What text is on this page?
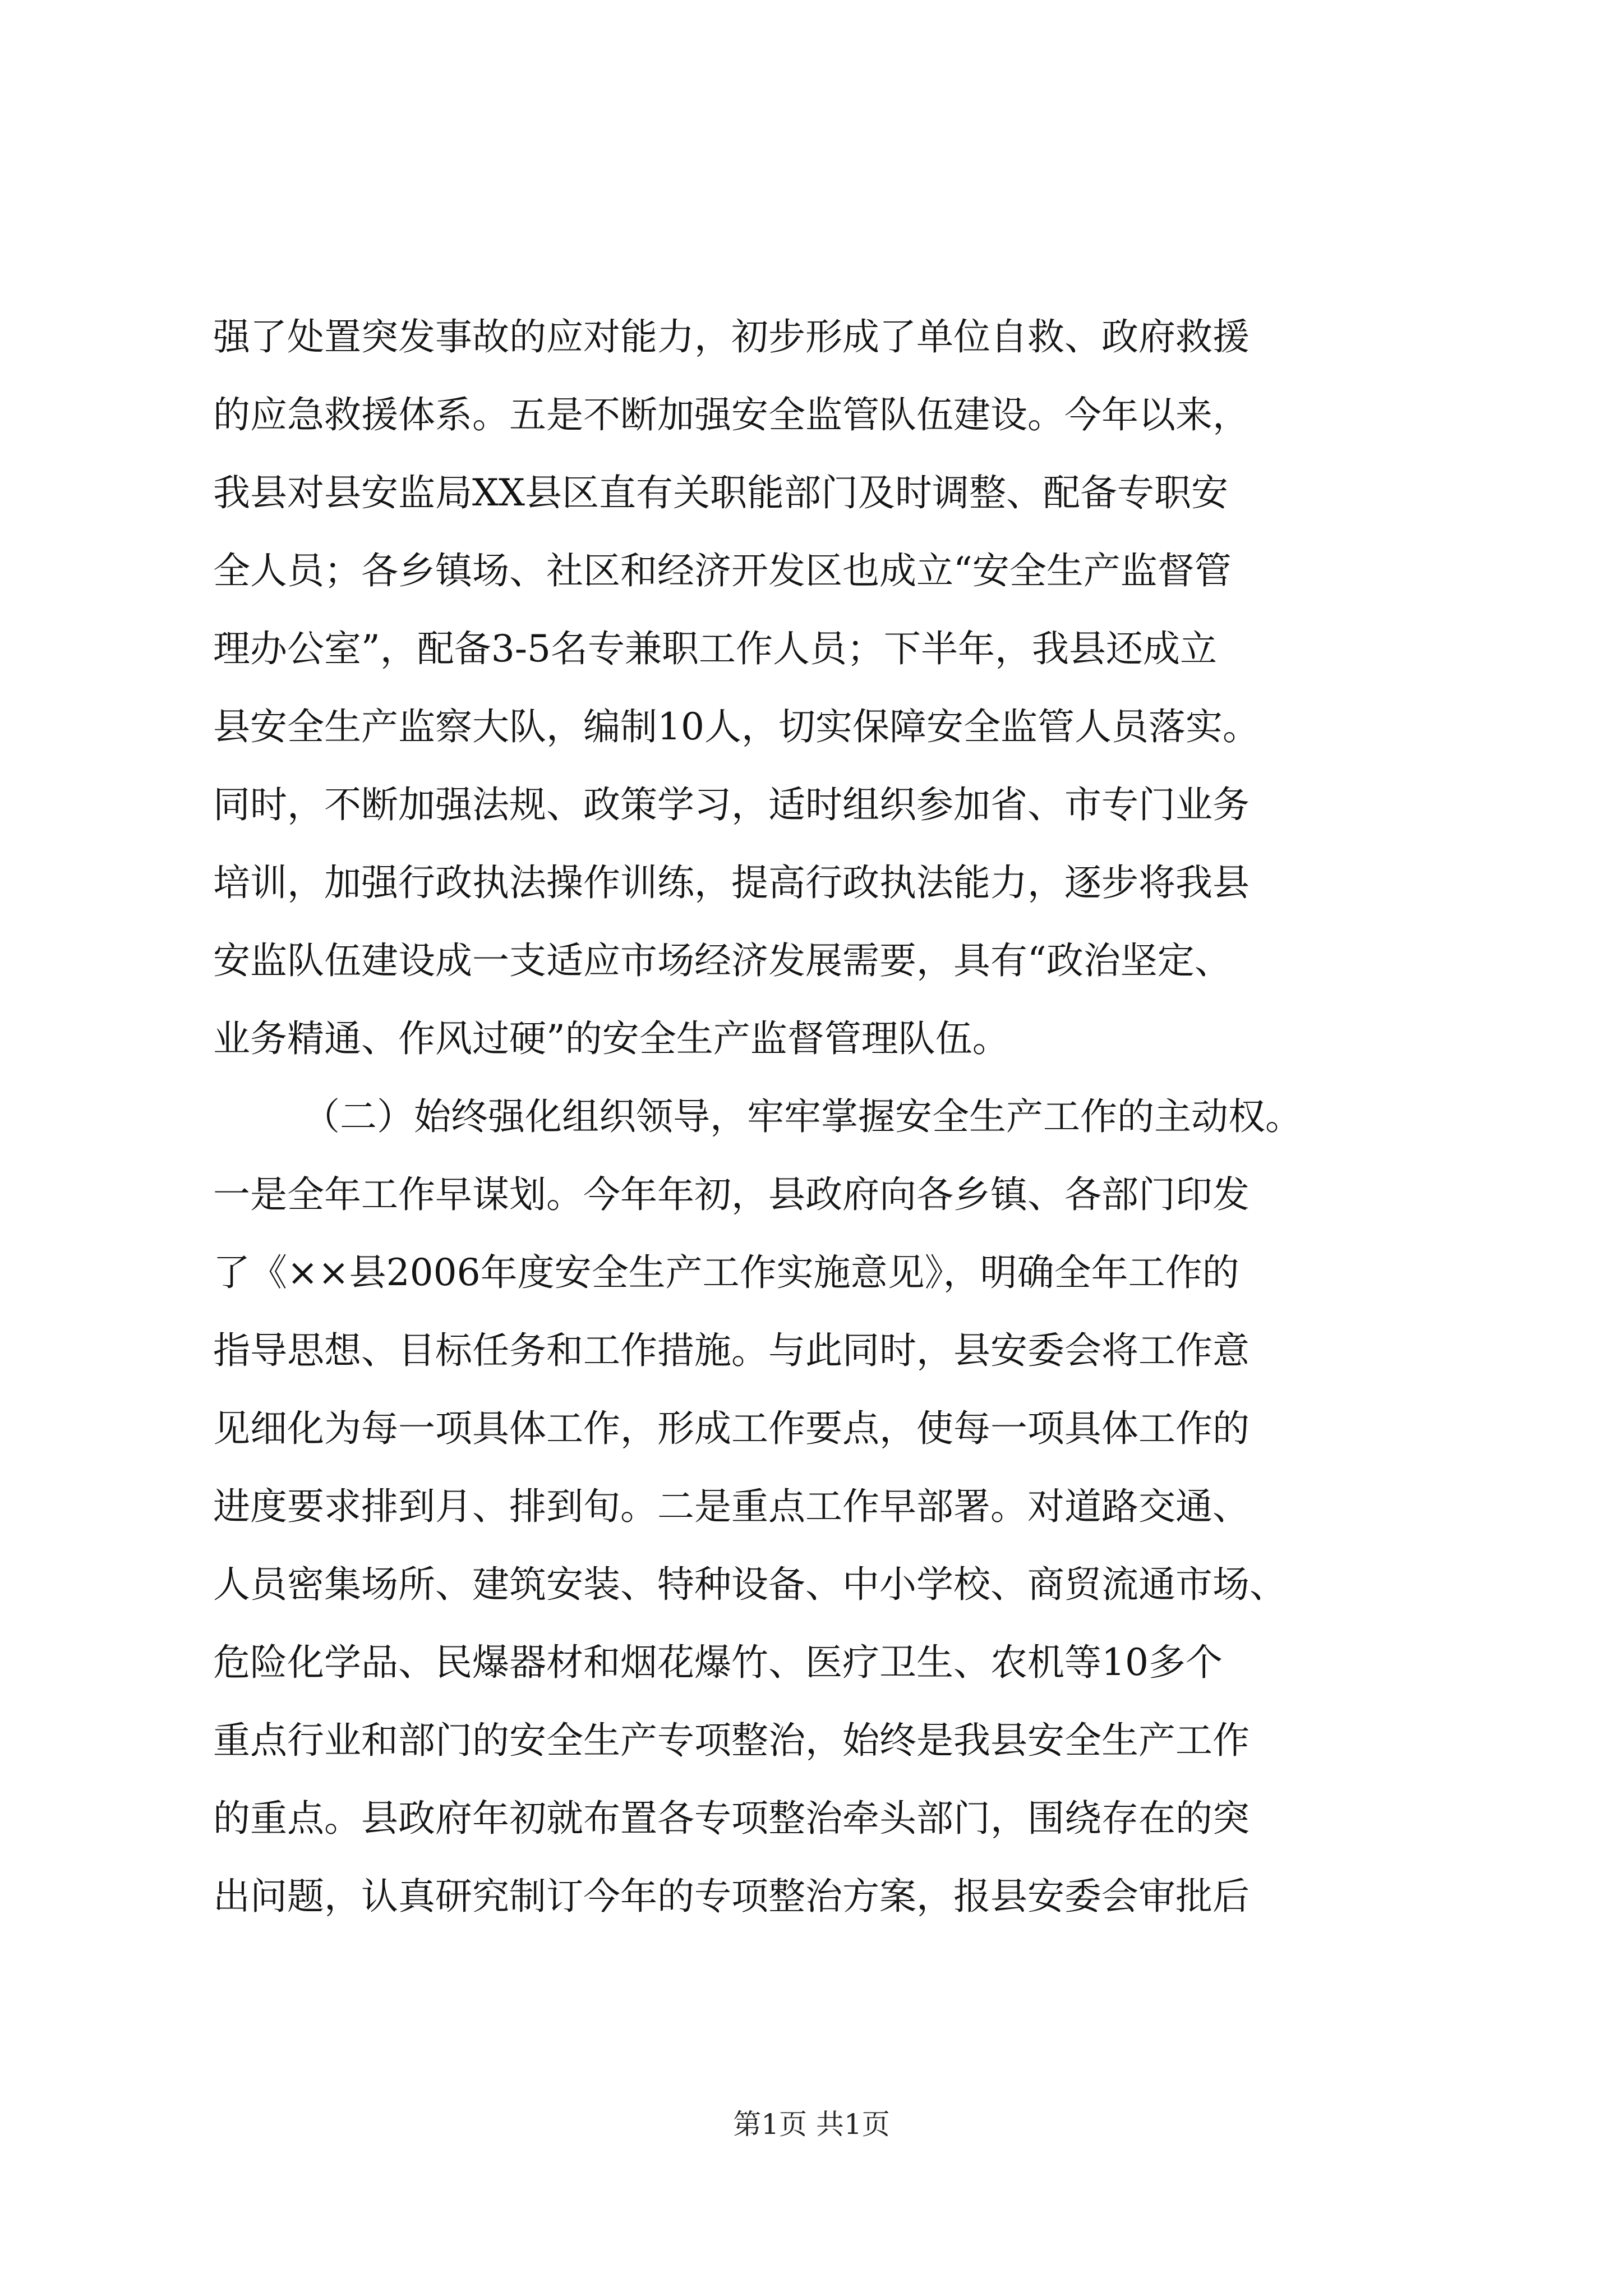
强了处置突发事故的应对能力，初步形成了单位自救、政府救援
的应急救援体系。五是不断加强安全监管队伍建设。今年以来，
我县对县安监局XX县区直有关职能部门及时调整、配备专职安
全人员；各乡镇场、社区和经济开发区也成立“安全生产监督管
理办公室”，配备3-5名专兼职工作人员；下半年，我县还成立
县安全生产监察大队，编制10人，切实保障安全监管人员落实。
同时，不断加强法规、政策学习，适时组织参加省、市专门业务
培训，加强行政执法操作训练，提高行政执法能力，逐步将我县
安监队伍建设成一支适应市场经济发展需要，具有“政治坚定、
业务精通、作风过硬”的安全生产监督管理队伍。
（二）始终强化组织领导，牢牢掌握安全生产工作的主动权。
一是全年工作早谋划。今年年初，县政府向各乡镇、各部门印发
了《××县2006年度安全生产工作实施意见》，明确全年工作的
指导思想、目标任务和工作措施。与此同时，县安委会将工作意
见细化为每一项具体工作，形成工作要点，使每一项具体工作的
进度要求排到月、排到旬。二是重点工作早部署。对道路交通、
人员密集场所、建筑安装、特种设备、中小学校、商贸流通市场、
危险化学品、民爆器材和烟花爆竹、医疗卫生、农机等10多个
重点行业和部门的安全生产专项整治，始终是我县安全生产工作
的重点。县政府年初就布置各专项整治牵头部门，围绕存在的突
出问题，认真研究制订今年的专项整治方案，报县安委会审批后
第1页 共1页
